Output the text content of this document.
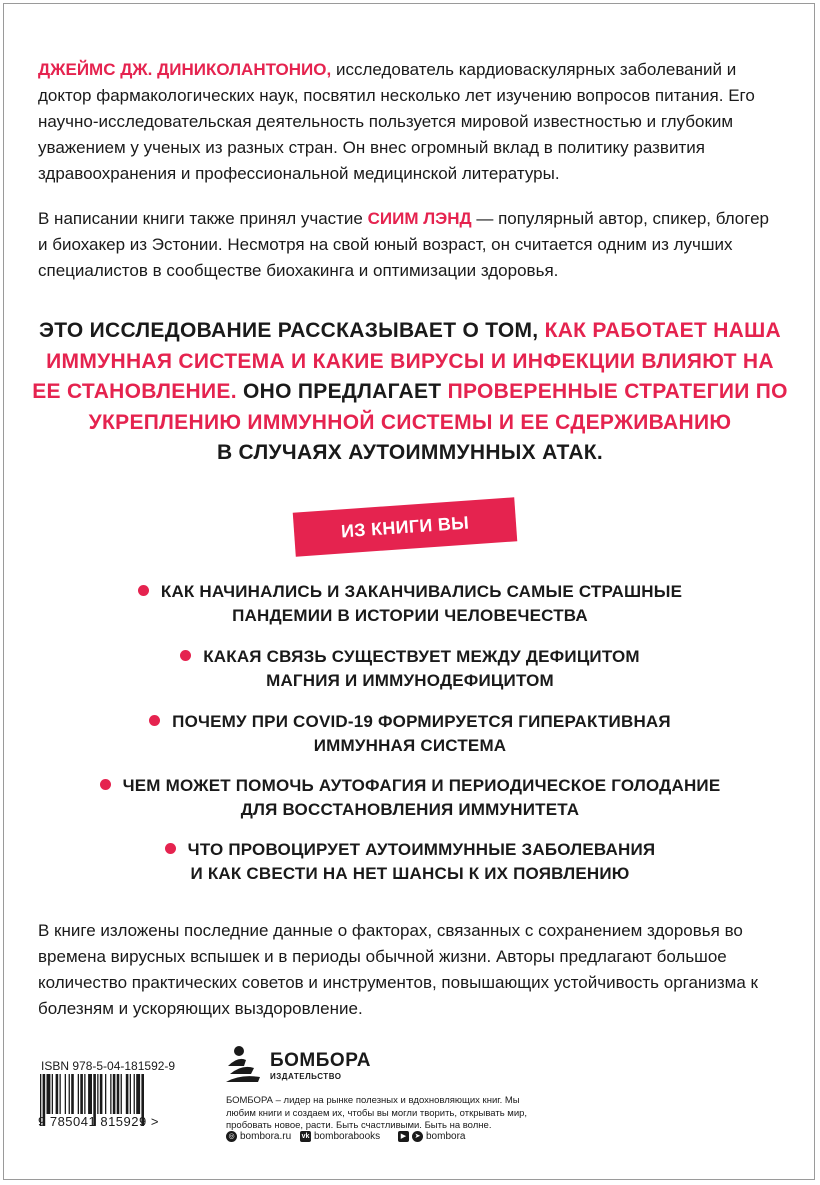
ДЖЕЙМС ДЖ. ДИНИКОЛАНТОНИО, исследователь кардиоваскулярных заболеваний и доктор фармакологических наук, посвятил несколько лет изучению вопросов питания. Его научно-исследовательская деятельность пользуется мировой известностью и глубоким уважением у ученых из разных стран. Он внес огромный вклад в политику развития здравоохранения и профессиональной медицинской литературы.

В написании книги также принял участие СИИМ ЛЭНД — популярный автор, спикер, блогер и биохакер из Эстонии. Несмотря на свой юный возраст, он считается одним из лучших специалистов в сообществе биохакинга и оптимизации здоровья.

ЭТО ИССЛЕДОВАНИЕ РАССКАЗЫВАЕТ О ТОМ, КАК РАБОТАЕТ НАША ИММУННАЯ СИСТЕМА И КАКИЕ ВИРУСЫ И ИНФЕКЦИИ ВЛИЯЮТ НА ЕЕ СТАНОВЛЕНИЕ. ОНО ПРЕДЛАГАЕТ ПРОВЕРЕННЫЕ СТРАТЕГИИ ПО УКРЕПЛЕНИЮ ИММУННОЙ СИСТЕМЫ И ЕЕ СДЕРЖИВАНИЮ
В СЛУЧАЯХ АУТОИММУННЫХ АТАК.

ИЗ КНИГИ ВЫ УЗНАЕТЕ:

КАК НАЧИНАЛИСЬ И ЗАКАНЧИВАЛИСЬ САМЫЕ СТРАШНЫЕ
ПАНДЕМИИ В ИСТОРИИ ЧЕЛОВЕЧЕСТВА

КАКАЯ СВЯЗЬ СУЩЕСТВУЕТ МЕЖДУ ДЕФИЦИТОМ
МАГНИЯ И ИММУНОДЕФИЦИТОМ

ПОЧЕМУ ПРИ COVID-19 ФОРМИРУЕТСЯ ГИПЕРАКТИВНАЯ
ИММУННАЯ СИСТЕМА

ЧЕМ МОЖЕТ ПОМОЧЬ АУТОФАГИЯ И ПЕРИОДИЧЕСКОЕ ГОЛОДАНИЕ
ДЛЯ ВОССТАНОВЛЕНИЯ ИММУНИТЕТА

ЧТО ПРОВОЦИРУЕТ АУТОИММУННЫЕ ЗАБОЛЕВАНИЯ
И КАК СВЕСТИ НА НЕТ ШАНСЫ К ИХ ПОЯВЛЕНИЮ

В книге изложены последние данные о факторах, связанных с сохранением здоровья во времена вирусных вспышек и в периоды обычной жизни. Авторы предлагают большое количество практических советов и инструментов, повышающих устойчивость организма к болезням и ускоряющих выздоровление.

ISBN 978-5-04-181592-9

9 785041 815929 >

БОМБОРА

ИЗДАТЕЛЬСТВО

БОМБОРА – лидер на рынке полезных и вдохновляющих книг. Мы любим книги и создаем их, чтобы вы могли творить, открывать мир, пробовать новое, расти. Быть счастливыми. Быть на волне.

◎ bombora.ru vk bomborabooks	▶	➤ bombora
